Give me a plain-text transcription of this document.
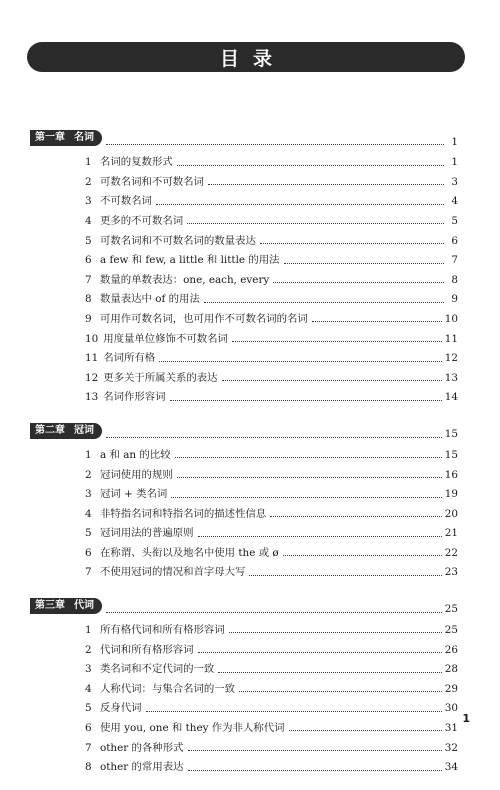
目录
第一章 名词	1
1 名词的复数形式	1
2 可数名词和不可数名词	3
3 不可数名词	4
4 更多的不可数名词	5
5 可数名词和不可数名词的数量表达	6
6 a few 和 few, a little 和 little 的用法	7
7 数量的单数表达：one, each, every	8
8 数量表达中 of 的用法	9
9 可用作可数名词，也可用作不可数名词的名词	10
10 用度量单位修饰不可数名词	11
11 名词所有格	12
12 更多关于所属关系的表达	13
13 名词作形容词	14
第二章 冠词	15
1 a 和 an 的比较	15
2 冠词使用的规则	16
3 冠词 + 类名词	19
4 非特指名词和特指名词的描述性信息	20
5 冠词用法的普遍原则	21
6 在称谓、头衔以及地名中使用 the 或 ø	22
7 不使用冠词的情况和首字母大写	23
第三章 代词	25
1 所有格代词和所有格形容词	25
2 代词和所有格形容词	26
3 类名词和不定代词的一致	28
4 人称代词：与集合名词的一致	29
5 反身代词	30
6 使用 you, one 和 they 作为非人称代词	31
7 other 的各种形式	32
8 other 的常用表达	34
1
